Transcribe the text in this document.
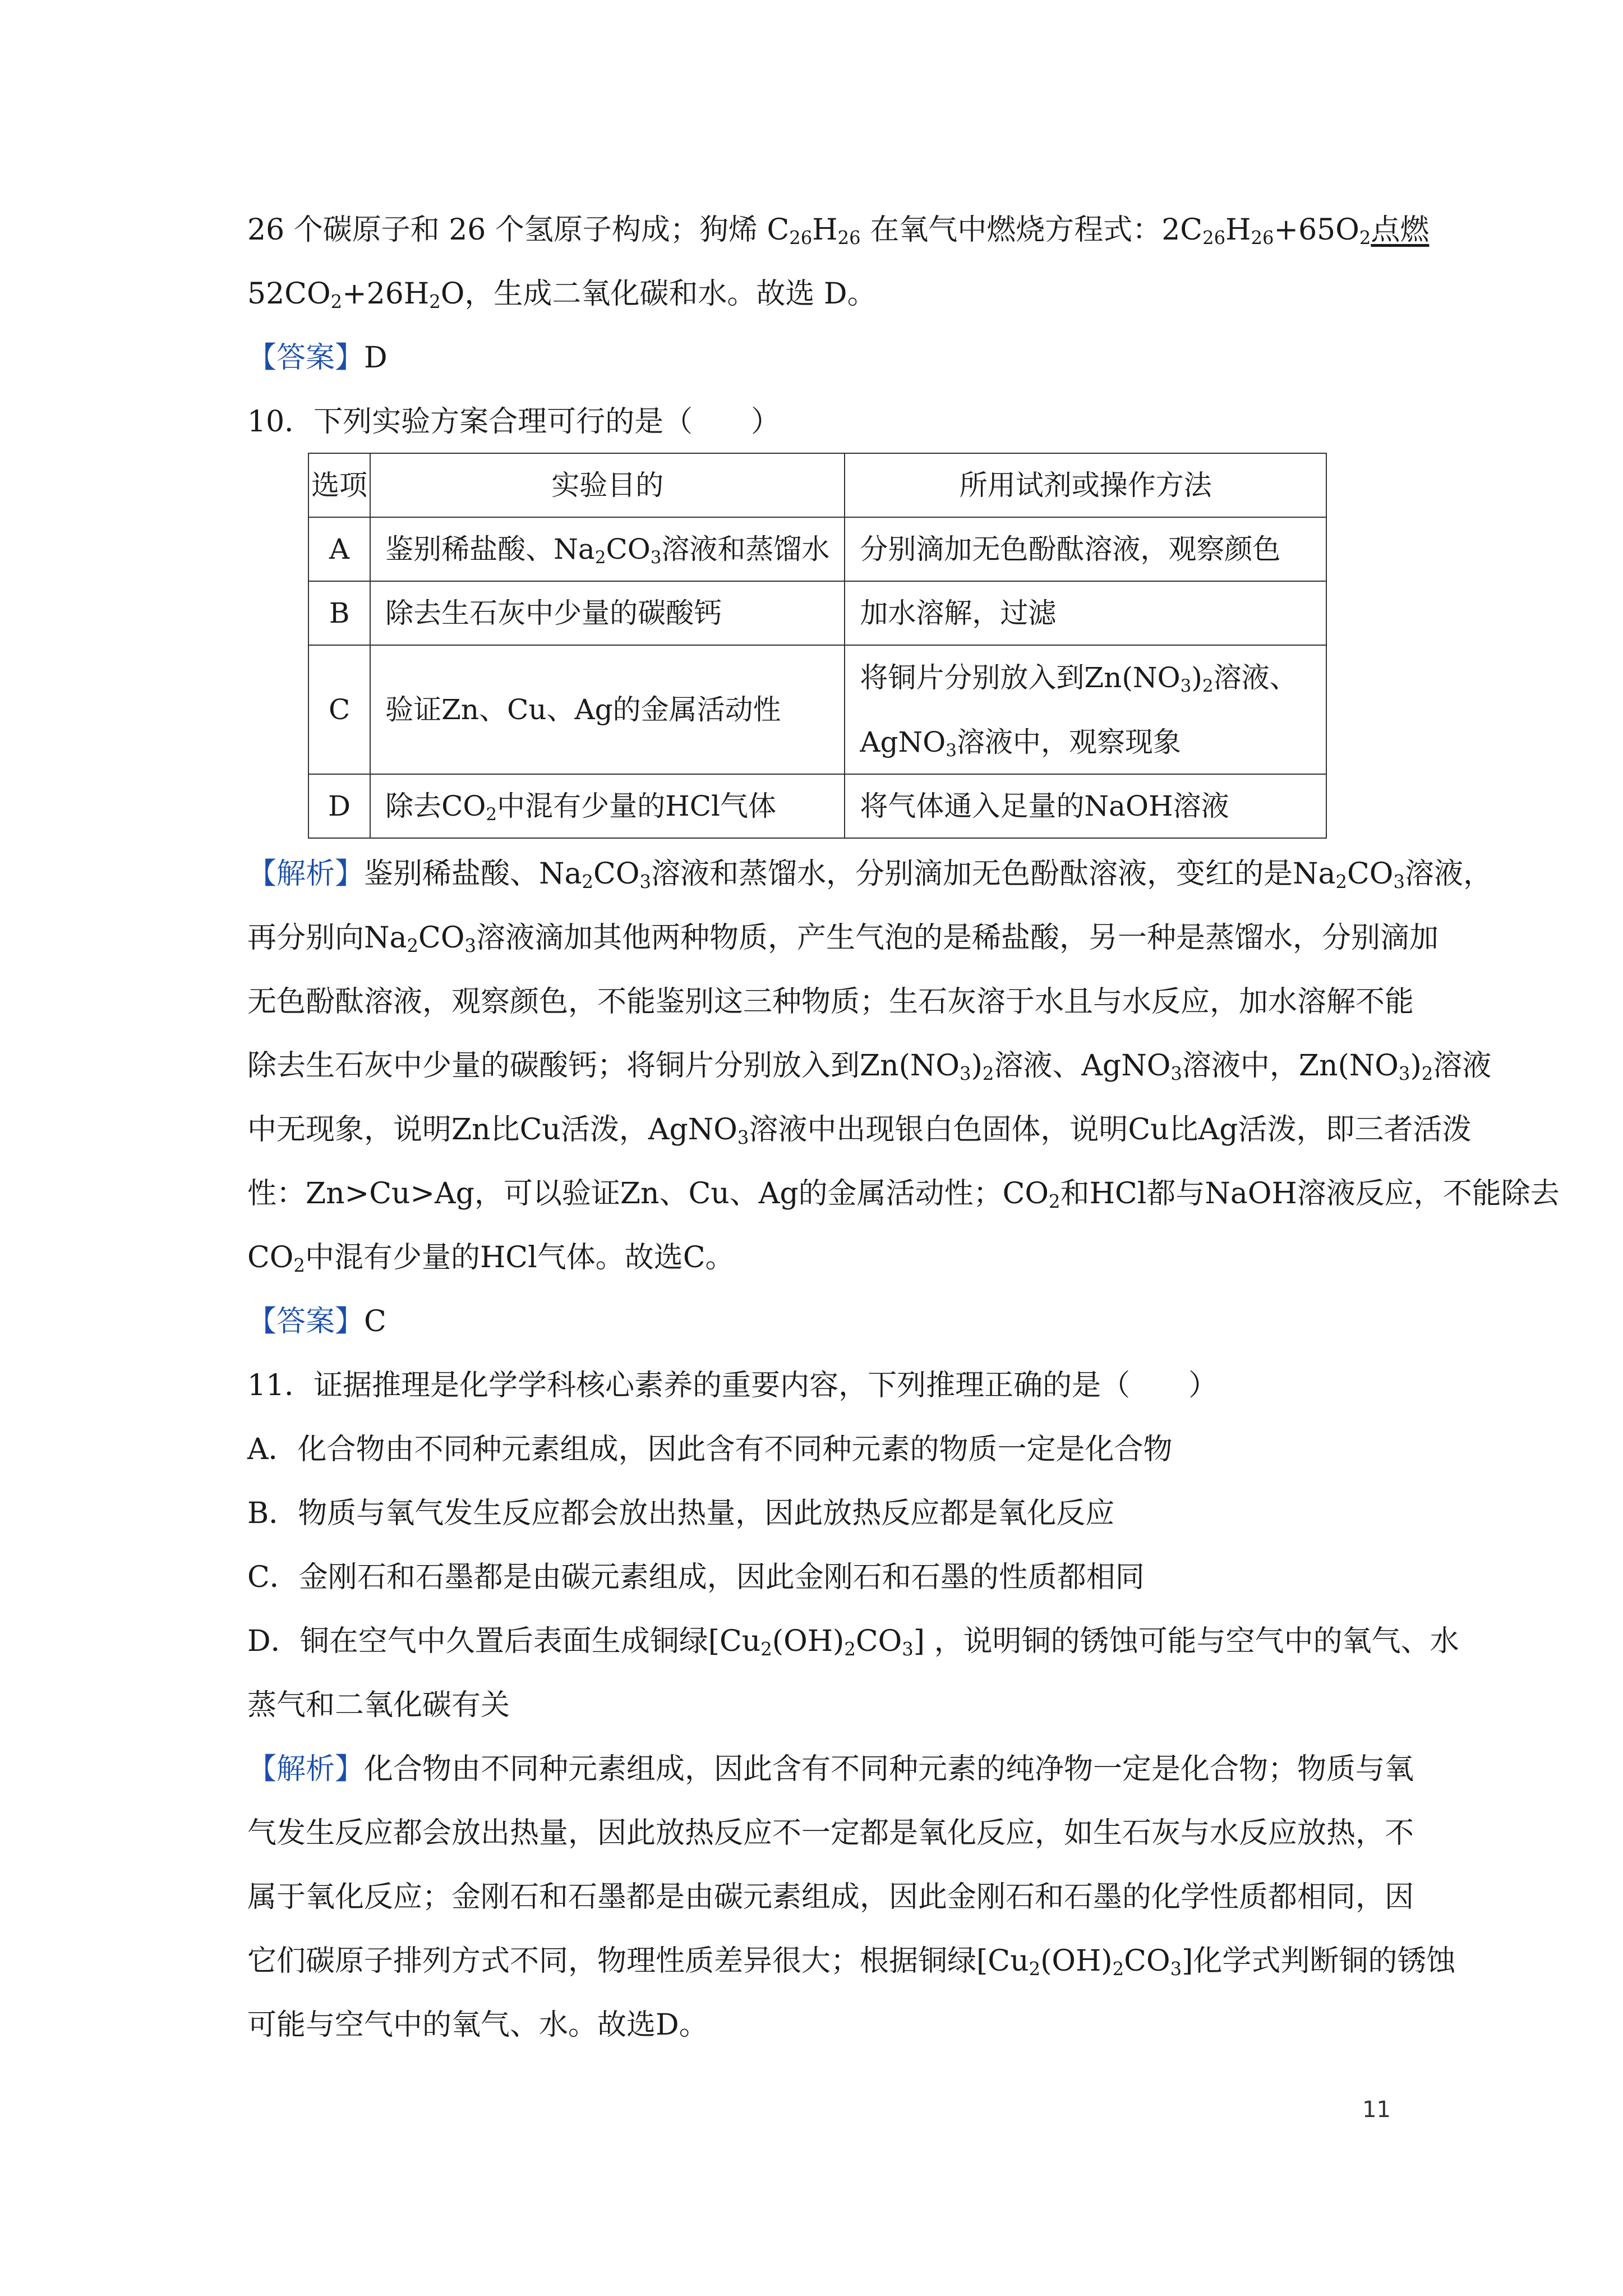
26 个碳原子和 26 个氢原子构成；狗烯 $C_{26}H_{26}$ 在氧气中燃烧方程式：$2C_{26}H_{26}+65O_2$点燃
$52CO_2+26H_2O$，生成二氧化碳和水。故选 D。
【答案】D
10．下列实验方案合理可行的是（　　）
选项	实验目的	所用试剂或操作方法
A	鉴别稀盐酸、$Na_2CO_3$溶液和蒸馏水	分别滴加无色酚酞溶液，观察颜色
B	除去生石灰中少量的碳酸钙	加水溶解，过滤
C	验证Zn、Cu、Ag的金属活动性	将铜片分别放入到$Zn(NO_3)_2$溶液、
AgNO$_3$溶液中，观察现象
D	除去$CO_2$中混有少量的HCl气体	将气体通入足量的NaOH溶液
【解析】鉴别稀盐酸、$Na_2CO_3$溶液和蒸馏水，分别滴加无色酚酞溶液，变红的是$Na_2CO_3$溶液，
再分别向$Na_2CO_3$溶液滴加其他两种物质，产生气泡的是稀盐酸，另一种是蒸馏水，分别滴加
无色酚酞溶液，观察颜色，不能鉴别这三种物质；生石灰溶于水且与水反应，加水溶解不能
除去生石灰中少量的碳酸钙；将铜片分别放入到$Zn(NO_3)_2$溶液、AgNO$_3$溶液中，$Zn(NO_3)_2$溶液
中无现象，说明Zn比Cu活泼，AgNO$_3$溶液中出现银白色固体，说明Cu比Ag活泼，即三者活泼
性：Zn>Cu>Ag，可以验证Zn、Cu、Ag的金属活动性；$CO_2$和HCl都与NaOH溶液反应，不能除去
$CO_2$中混有少量的HCl气体。故选C。
【答案】C
11．证据推理是化学学科核心素养的重要内容，下列推理正确的是（　　）
A．化合物由不同种元素组成，因此含有不同种元素的物质一定是化合物
B．物质与氧气发生反应都会放出热量，因此放热反应都是氧化反应
C．金刚石和石墨都是由碳元素组成，因此金刚石和石墨的性质都相同
D．铜在空气中久置后表面生成铜绿$[Cu_2(OH)_2CO_3]$ ，说明铜的锈蚀可能与空气中的氧气、水
蒸气和二氧化碳有关
【解析】化合物由不同种元素组成，因此含有不同种元素的纯净物一定是化合物；物质与氧
气发生反应都会放出热量，因此放热反应不一定都是氧化反应，如生石灰与水反应放热，不
属于氧化反应；金刚石和石墨都是由碳元素组成，因此金刚石和石墨的化学性质都相同，因
它们碳原子排列方式不同，物理性质差异很大；根据铜绿$[Cu_2(OH)_2CO_3]$化学式判断铜的锈蚀
可能与空气中的氧气、水。故选D。
11
